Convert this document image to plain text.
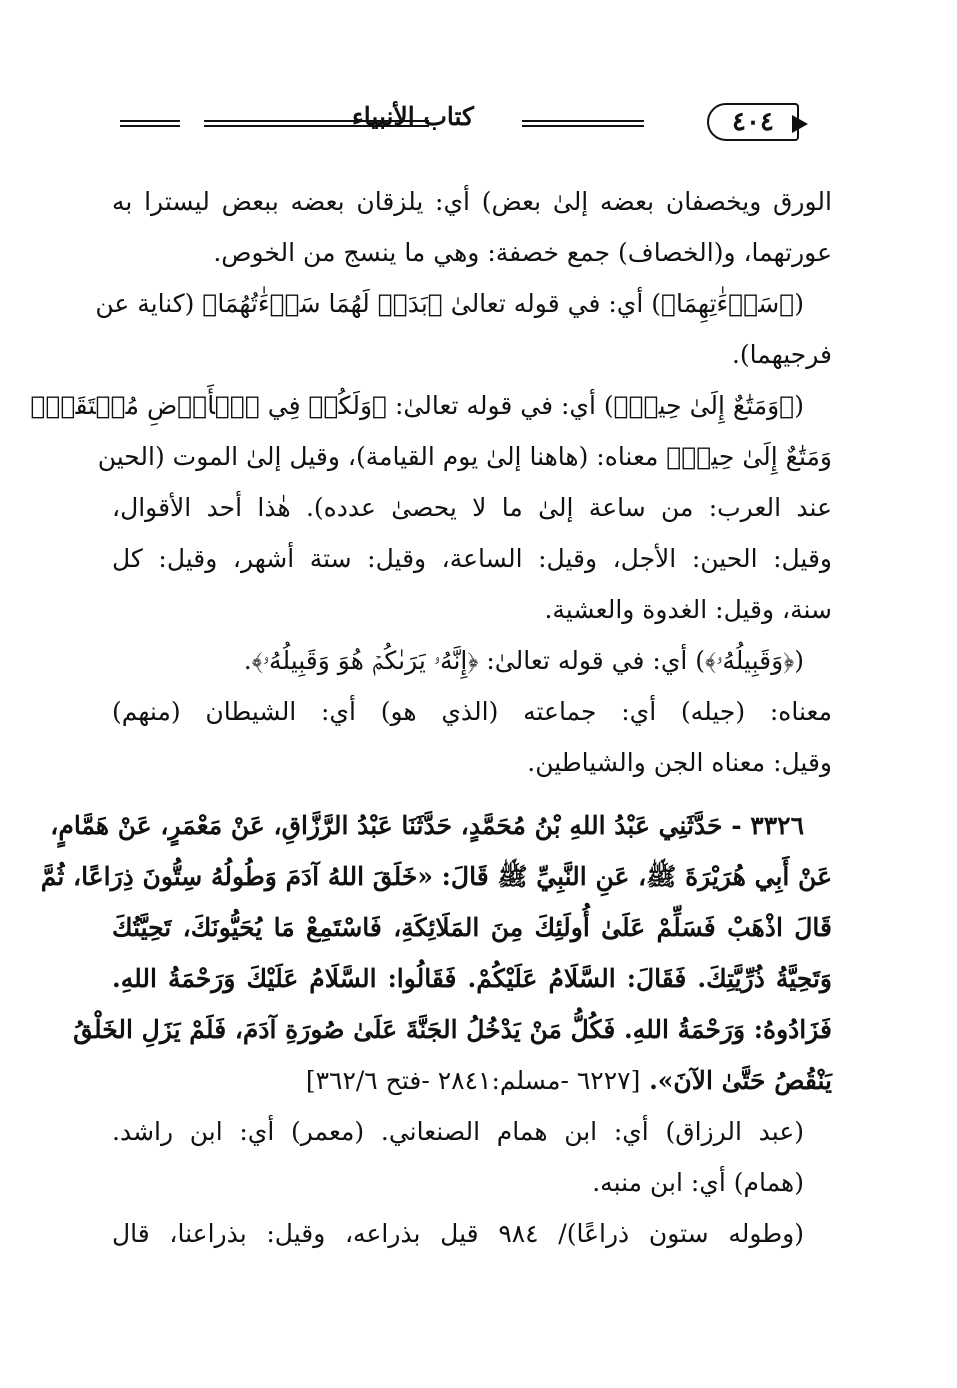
كتاب الأنبياء	٤٠٤
الورق ويخصفان بعضه إلىٰ بعض) أي: يلزقان بعضه ببعض ليسترا به
عورتهما، و(الخصاف) جمع خصفة: وهي ما ينسج من الخوص.
(﴿سَوۡءَٰتِهِمَا﴾) أي: في قوله تعالىٰ ﴿بَدَتۡ لَهُمَا سَوۡءَٰتُهُمَا﴾ (كناية عن
فرجيهما).
(﴿وَمَتَٰعٌ إِلَىٰ حِينٖ﴾) أي: في قوله تعالىٰ: ﴿وَلَكُمۡ فِي ٱلۡأَرۡضِ مُسۡتَقَرّٞ
وَمَتَٰعٌ إِلَىٰ حِينٖ﴾ معناه: (هاهنا إلىٰ يوم القيامة)، وقيل إلىٰ الموت (الحين
عند العرب: من ساعة إلىٰ ما لا يحصىٰ عدده). هٰذا أحد الأقوال،
وقيل: الحين: الأجل، وقيل: الساعة، وقيل: ستة أشهر، وقيل: كل
سنة، وقيل: الغدوة والعشية.
(﴿وَقَبِيلُهُۥ﴾) أي: في قوله تعالىٰ: ﴿إِنَّهُۥ يَرَىٰكُمۡ هُوَ وَقَبِيلُهُۥ﴾.
معناه: (جيله) أي: جماعته (الذي هو) أي: الشيطان (منهم)
وقيل: معناه الجن والشياطين.
٣٣٢٦ - حَدَّثَنِي عَبْدُ اللهِ بْنُ مُحَمَّدٍ، حَدَّثَنَا عَبْدُ الرَّزَّاقِ، عَنْ مَعْمَرٍ، عَنْ هَمَّامٍ،
عَنْ أَبِي هُرَيْرَةَ ﷺ، عَنِ النَّبِيِّ ﷺ قَالَ: «خَلَقَ اللهُ آدَمَ وَطُولُهُ سِتُّونَ ذِرَاعًا، ثُمَّ
قَالَ اذْهَبْ فَسَلِّمْ عَلَىٰ أُولَئِكَ مِنَ المَلَائِكَةِ، فَاسْتَمِعْ مَا يُحَيُّونَكَ، تَحِيَّتُكَ
وَتَحِيَّةُ ذُرِّيَّتِكَ. فَقَالَ: السَّلَامُ عَلَيْكُمْ. فَقَالُوا: السَّلَامُ عَلَيْكَ وَرَحْمَةُ اللهِ.
فَزَادُوهُ: وَرَحْمَةُ اللهِ. فَكُلُّ مَنْ يَدْخُلُ الجَنَّةَ عَلَىٰ صُورَةِ آدَمَ، فَلَمْ يَزَلِ الخَلْقُ
يَنْقُصُ حَتَّىٰ الآنَ». [٦٢٢٧ -مسلم:٢٨٤١ -فتح ٣٦٢/٦]
(عبد الرزاق) أي: ابن همام الصنعاني. (معمر) أي: ابن راشد.
(همام) أي: ابن منبه.
(وطوله ستون ذراعًا)/ ٩٨٤ قيل بذراعه، وقيل: بذراعنا، قال
